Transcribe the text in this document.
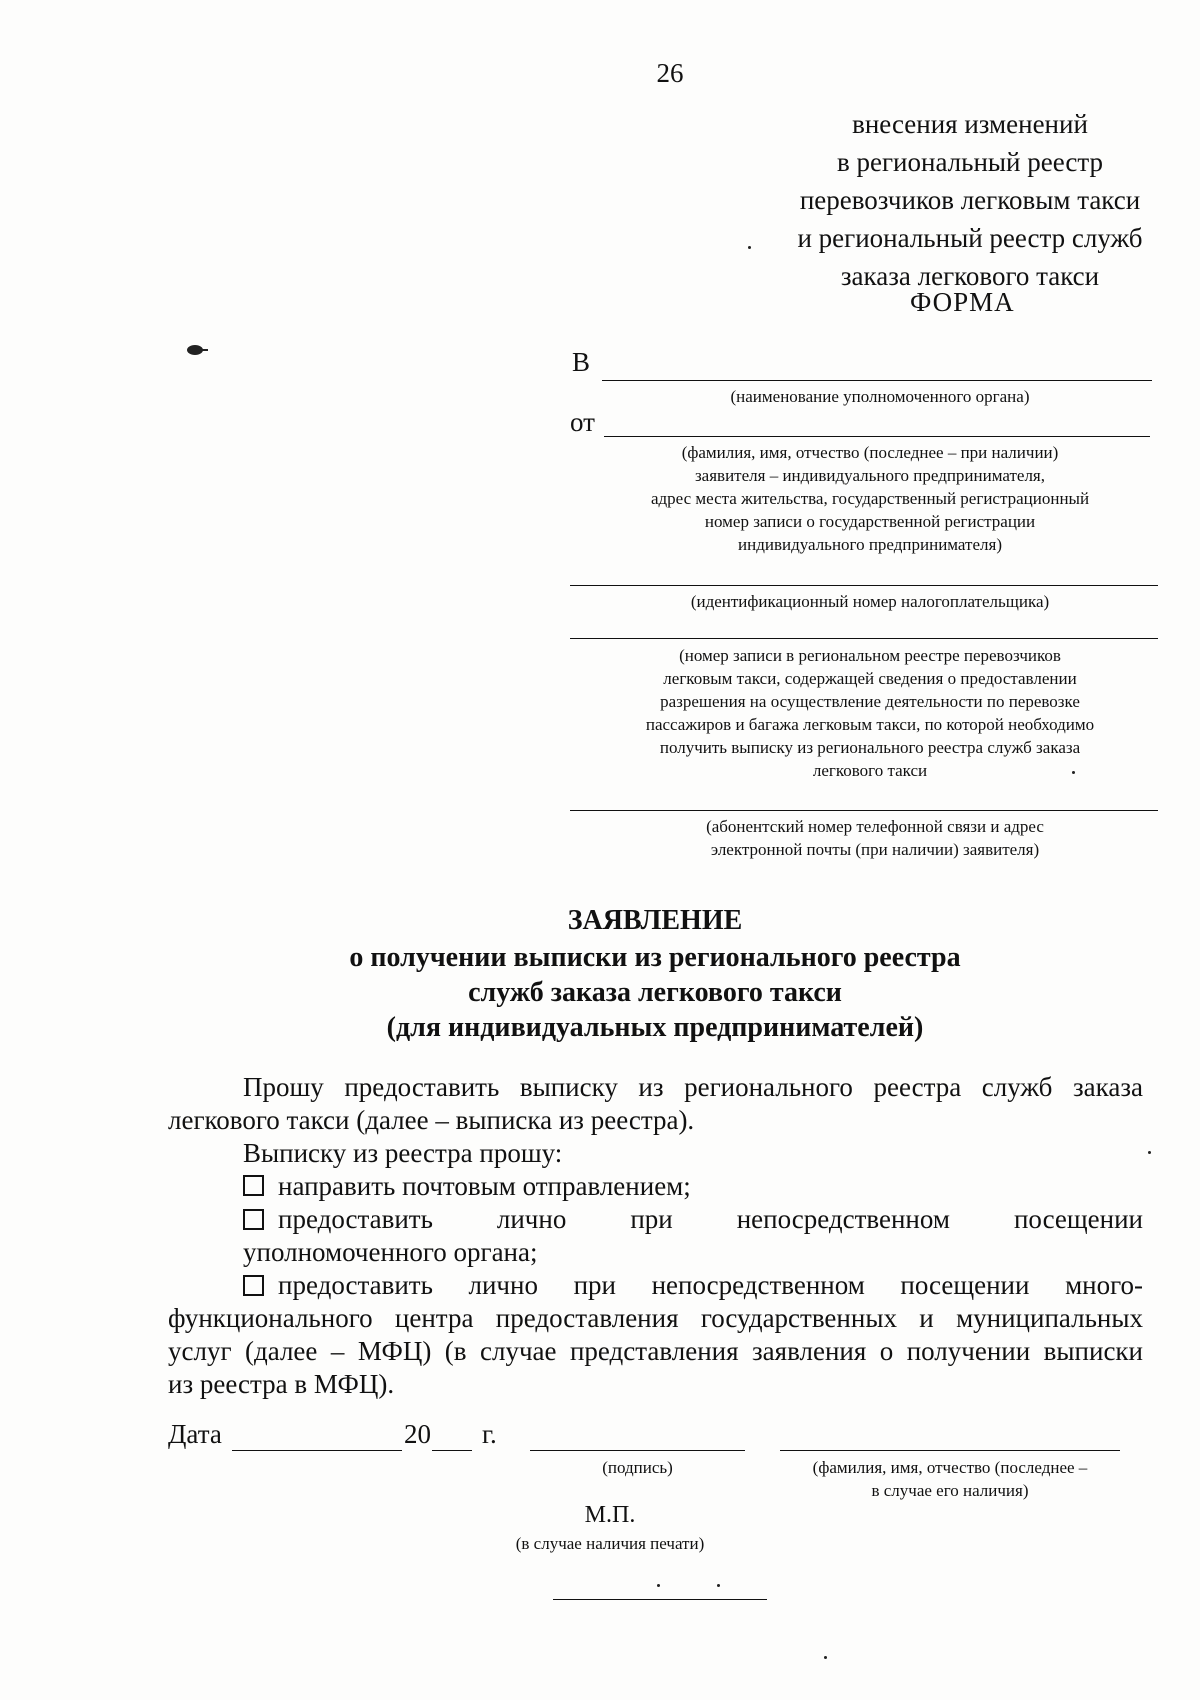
26
внесения изменений
в региональный реестр
перевозчиков легковым такси
и региональный реестр служб
заказа легкового такси
ФОРМА
В
(наименование уполномоченного органа)
от
(фамилия, имя, отчество (последнее – при наличии)
заявителя – индивидуального предпринимателя,
адрес места жительства, государственный регистрационный
номер записи о государственной регистрации
индивидуального предпринимателя)
(идентификационный номер налогоплательщика)
(номер записи в региональном реестре перевозчиков
легковым такси, содержащей сведения о предоставлении
разрешения на осуществление деятельности по перевозке
пассажиров и багажа легковым такси, по которой необходимо
получить выписку из регионального реестра служб заказа
легкового такси
(абонентский номер телефонной связи и адрес
электронной почты (при наличии) заявителя)
ЗАЯВЛЕНИЕ
о получении выписки из регионального реестра
служб заказа легкового такси
(для индивидуальных предпринимателей)
Прошу предоставить выписку из регионального реестра служб заказа
легкового такси (далее – выписка из реестра).
Выписку из реестра прошу:
направить почтовым отправлением;
предоставить лично при непосредственном посещении
уполномоченного органа;
предоставить лично при непосредственном посещении много-
функционального центра предоставления государственных и муниципальных
услуг (далее – МФЦ) (в случае представления заявления о получении выписки
из реестра в МФЦ).
Дата	20 г.
(подпись)	(фамилия, имя, отчество (последнее –
в случае его наличия)
М.П.
(в случае наличия печати)
